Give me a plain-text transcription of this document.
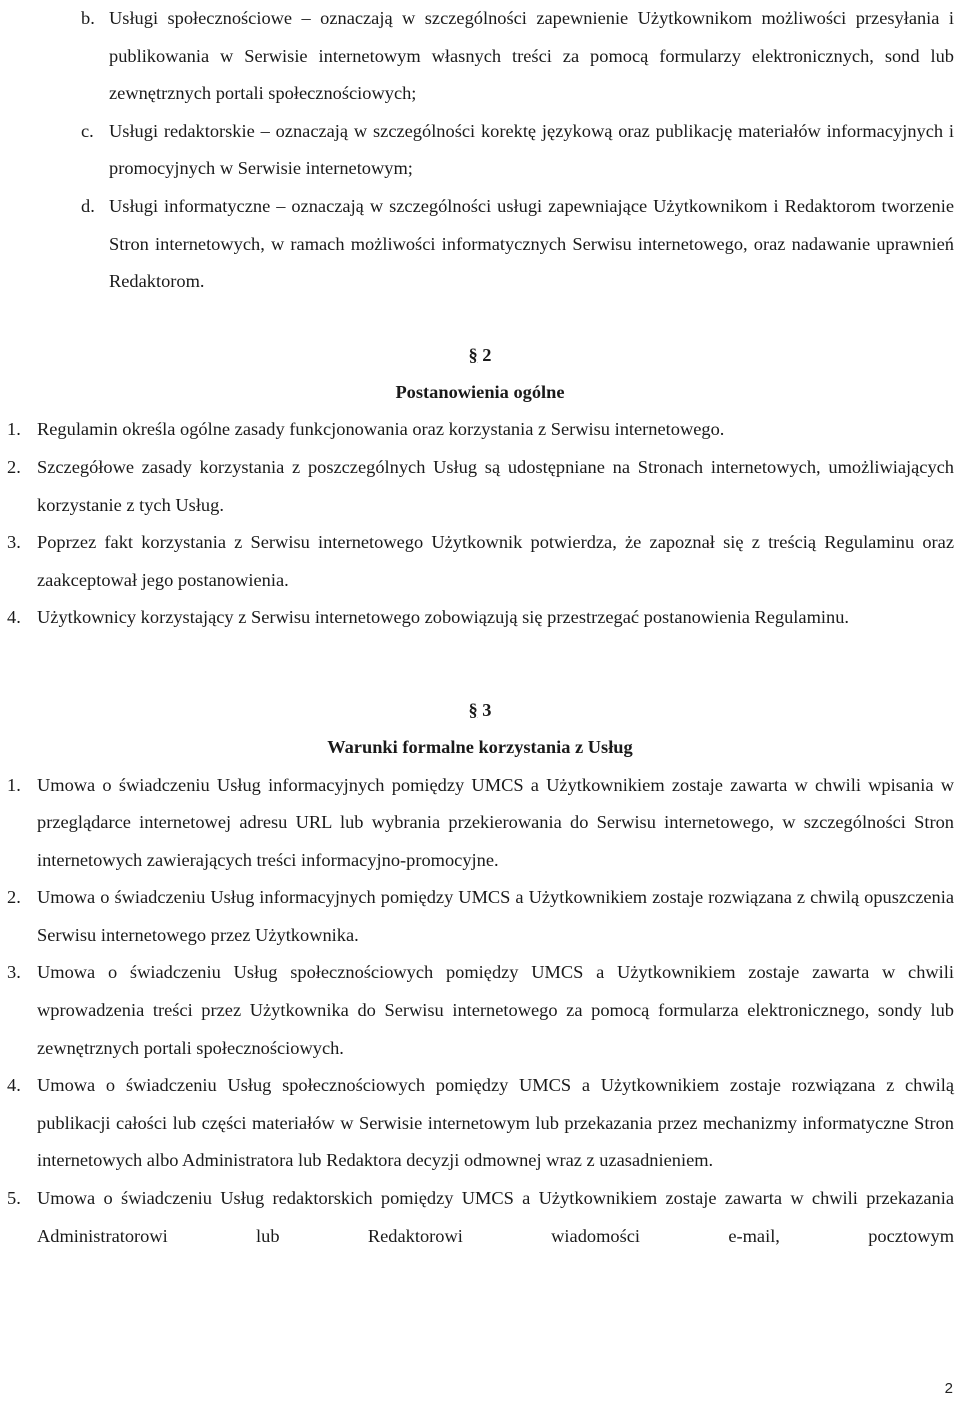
b. Usługi społecznościowe – oznaczają w szczególności zapewnienie Użytkownikom możliwości przesyłania i publikowania w Serwisie internetowym własnych treści za pomocą formularzy elektronicznych, sond lub zewnętrznych portali społecznościowych;
c. Usługi redaktorskie – oznaczają w szczególności korektę językową oraz publikację materiałów informacyjnych i promocyjnych w Serwisie internetowym;
d. Usługi informatyczne – oznaczają w szczególności usługi zapewniające Użytkownikom i Redaktorom tworzenie Stron internetowych, w ramach możliwości informatycznych Serwisu internetowego, oraz nadawanie uprawnień Redaktorom.
§ 2
Postanowienia ogólne
1. Regulamin określa ogólne zasady funkcjonowania oraz korzystania z Serwisu internetowego.
2. Szczegółowe zasady korzystania z poszczególnych Usług są udostępniane na Stronach internetowych, umożliwiających korzystanie z tych Usług.
3. Poprzez fakt korzystania z Serwisu internetowego Użytkownik potwierdza, że zapoznał się z treścią Regulaminu oraz zaakceptował jego postanowienia.
4. Użytkownicy korzystający z Serwisu internetowego zobowiązują się przestrzegać postanowienia Regulaminu.
§ 3
Warunki formalne korzystania z Usług
1. Umowa o świadczeniu Usług informacyjnych pomiędzy UMCS a Użytkownikiem zostaje zawarta w chwili wpisania w przeglądarce internetowej adresu URL lub wybrania przekierowania do Serwisu internetowego, w szczególności Stron internetowych zawierających treści informacyjno-promocyjne.
2. Umowa o świadczeniu Usług informacyjnych pomiędzy UMCS a Użytkownikiem zostaje rozwiązana z chwilą opuszczenia Serwisu internetowego przez Użytkownika.
3. Umowa o świadczeniu Usług społecznościowych pomiędzy UMCS a Użytkownikiem zostaje zawarta w chwili wprowadzenia treści przez Użytkownika do Serwisu internetowego za pomocą formularza elektronicznego, sondy lub zewnętrznych portali społecznościowych.
4. Umowa o świadczeniu Usług społecznościowych pomiędzy UMCS a Użytkownikiem zostaje rozwiązana z chwilą publikacji całości lub części materiałów w Serwisie internetowym lub przekazania przez mechanizmy informatyczne Stron internetowych albo Administratora lub Redaktora decyzji odmownej wraz z uzasadnieniem.
5. Umowa o świadczeniu Usług redaktorskich pomiędzy UMCS a Użytkownikiem zostaje zawarta w chwili przekazania Administratorowi lub Redaktorowi wiadomości e-mail, pocztowym
2
